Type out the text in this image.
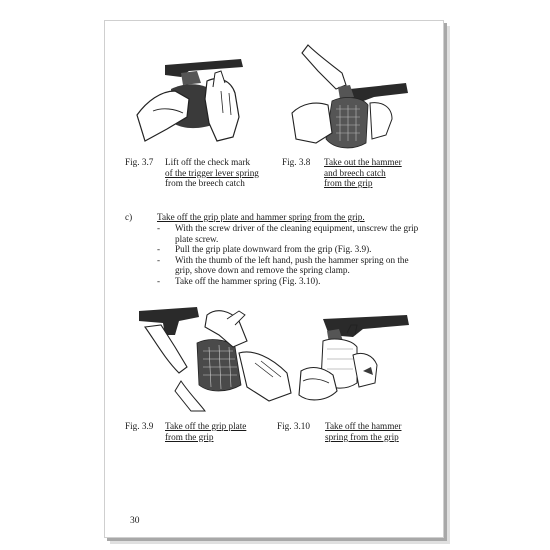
Fig. 3.7 Lift off the check mark
of the trigger lever spring
from the breech catch
Fig. 3.8 Take out the hammer
and breech catch
from the grip
c)	Take off the grip plate and hammer spring from the grip.
- With the screw driver of the cleaning equipment, unscrew the grip plate screw.
- Pull the grip plate downward from the grip (Fig. 3.9).
- With the thumb of the left hand, push the hammer spring on the grip, shove down and remove the spring clamp.
- Take off the hammer spring (Fig. 3.10).
Fig. 3.9 Take off the grip plate
from the grip
Fig. 3.10 Take off the hammer
spring from the grip
30
